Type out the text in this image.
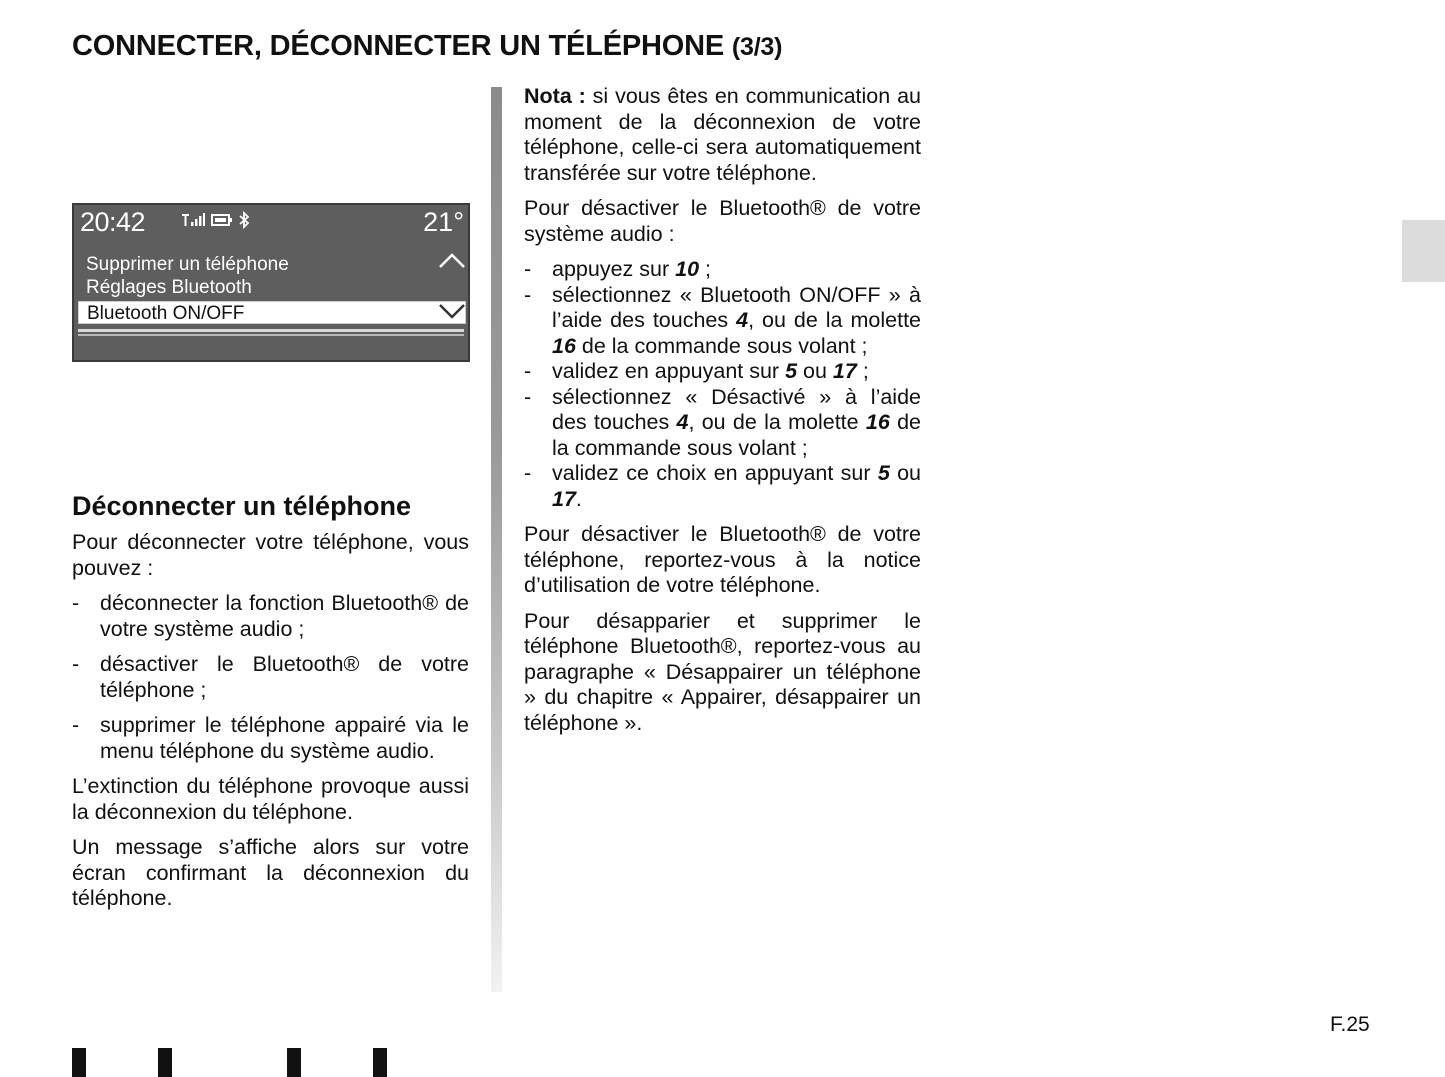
CONNECTER, DÉCONNECTER UN TÉLÉPHONE (3/3)
20:42	21°
Supprimer un téléphone
Réglages Bluetooth
Bluetooth ON/OFF
Déconnecter un téléphone

Pour déconnecter votre téléphone, vous pouvez :

- déconnecter la fonction Bluetooth® de votre système audio ;
- désactiver le Bluetooth® de votre téléphone ;
- supprimer le téléphone appairé via le menu téléphone du système audio.

L’extinction du téléphone provoque aussi la déconnexion du téléphone.

Un message s’affiche alors sur votre écran confirmant la déconnexion du téléphone.

Nota : si vous êtes en communication au moment de la déconnexion de votre téléphone, celle-ci sera automatiquement transférée sur votre téléphone.

Pour désactiver le Bluetooth® de votre système audio :

- appuyez sur 10 ;
- sélectionnez « Bluetooth ON/OFF » à l’aide des touches 4, ou de la molette 16 de la commande sous volant ;
- validez en appuyant sur 5 ou 17 ;
- sélectionnez « Désactivé » à l’aide des touches 4, ou de la molette 16 de la commande sous volant ;
- validez ce choix en appuyant sur 5 ou 17.

Pour désactiver le Bluetooth® de votre téléphone, reportez-vous à la notice d’utilisation de votre téléphone.

Pour désapparier et supprimer le téléphone Bluetooth®, reportez-vous au paragraphe « Désappairer un téléphone » du chapitre « Appairer, désappairer un téléphone ».

F.25
